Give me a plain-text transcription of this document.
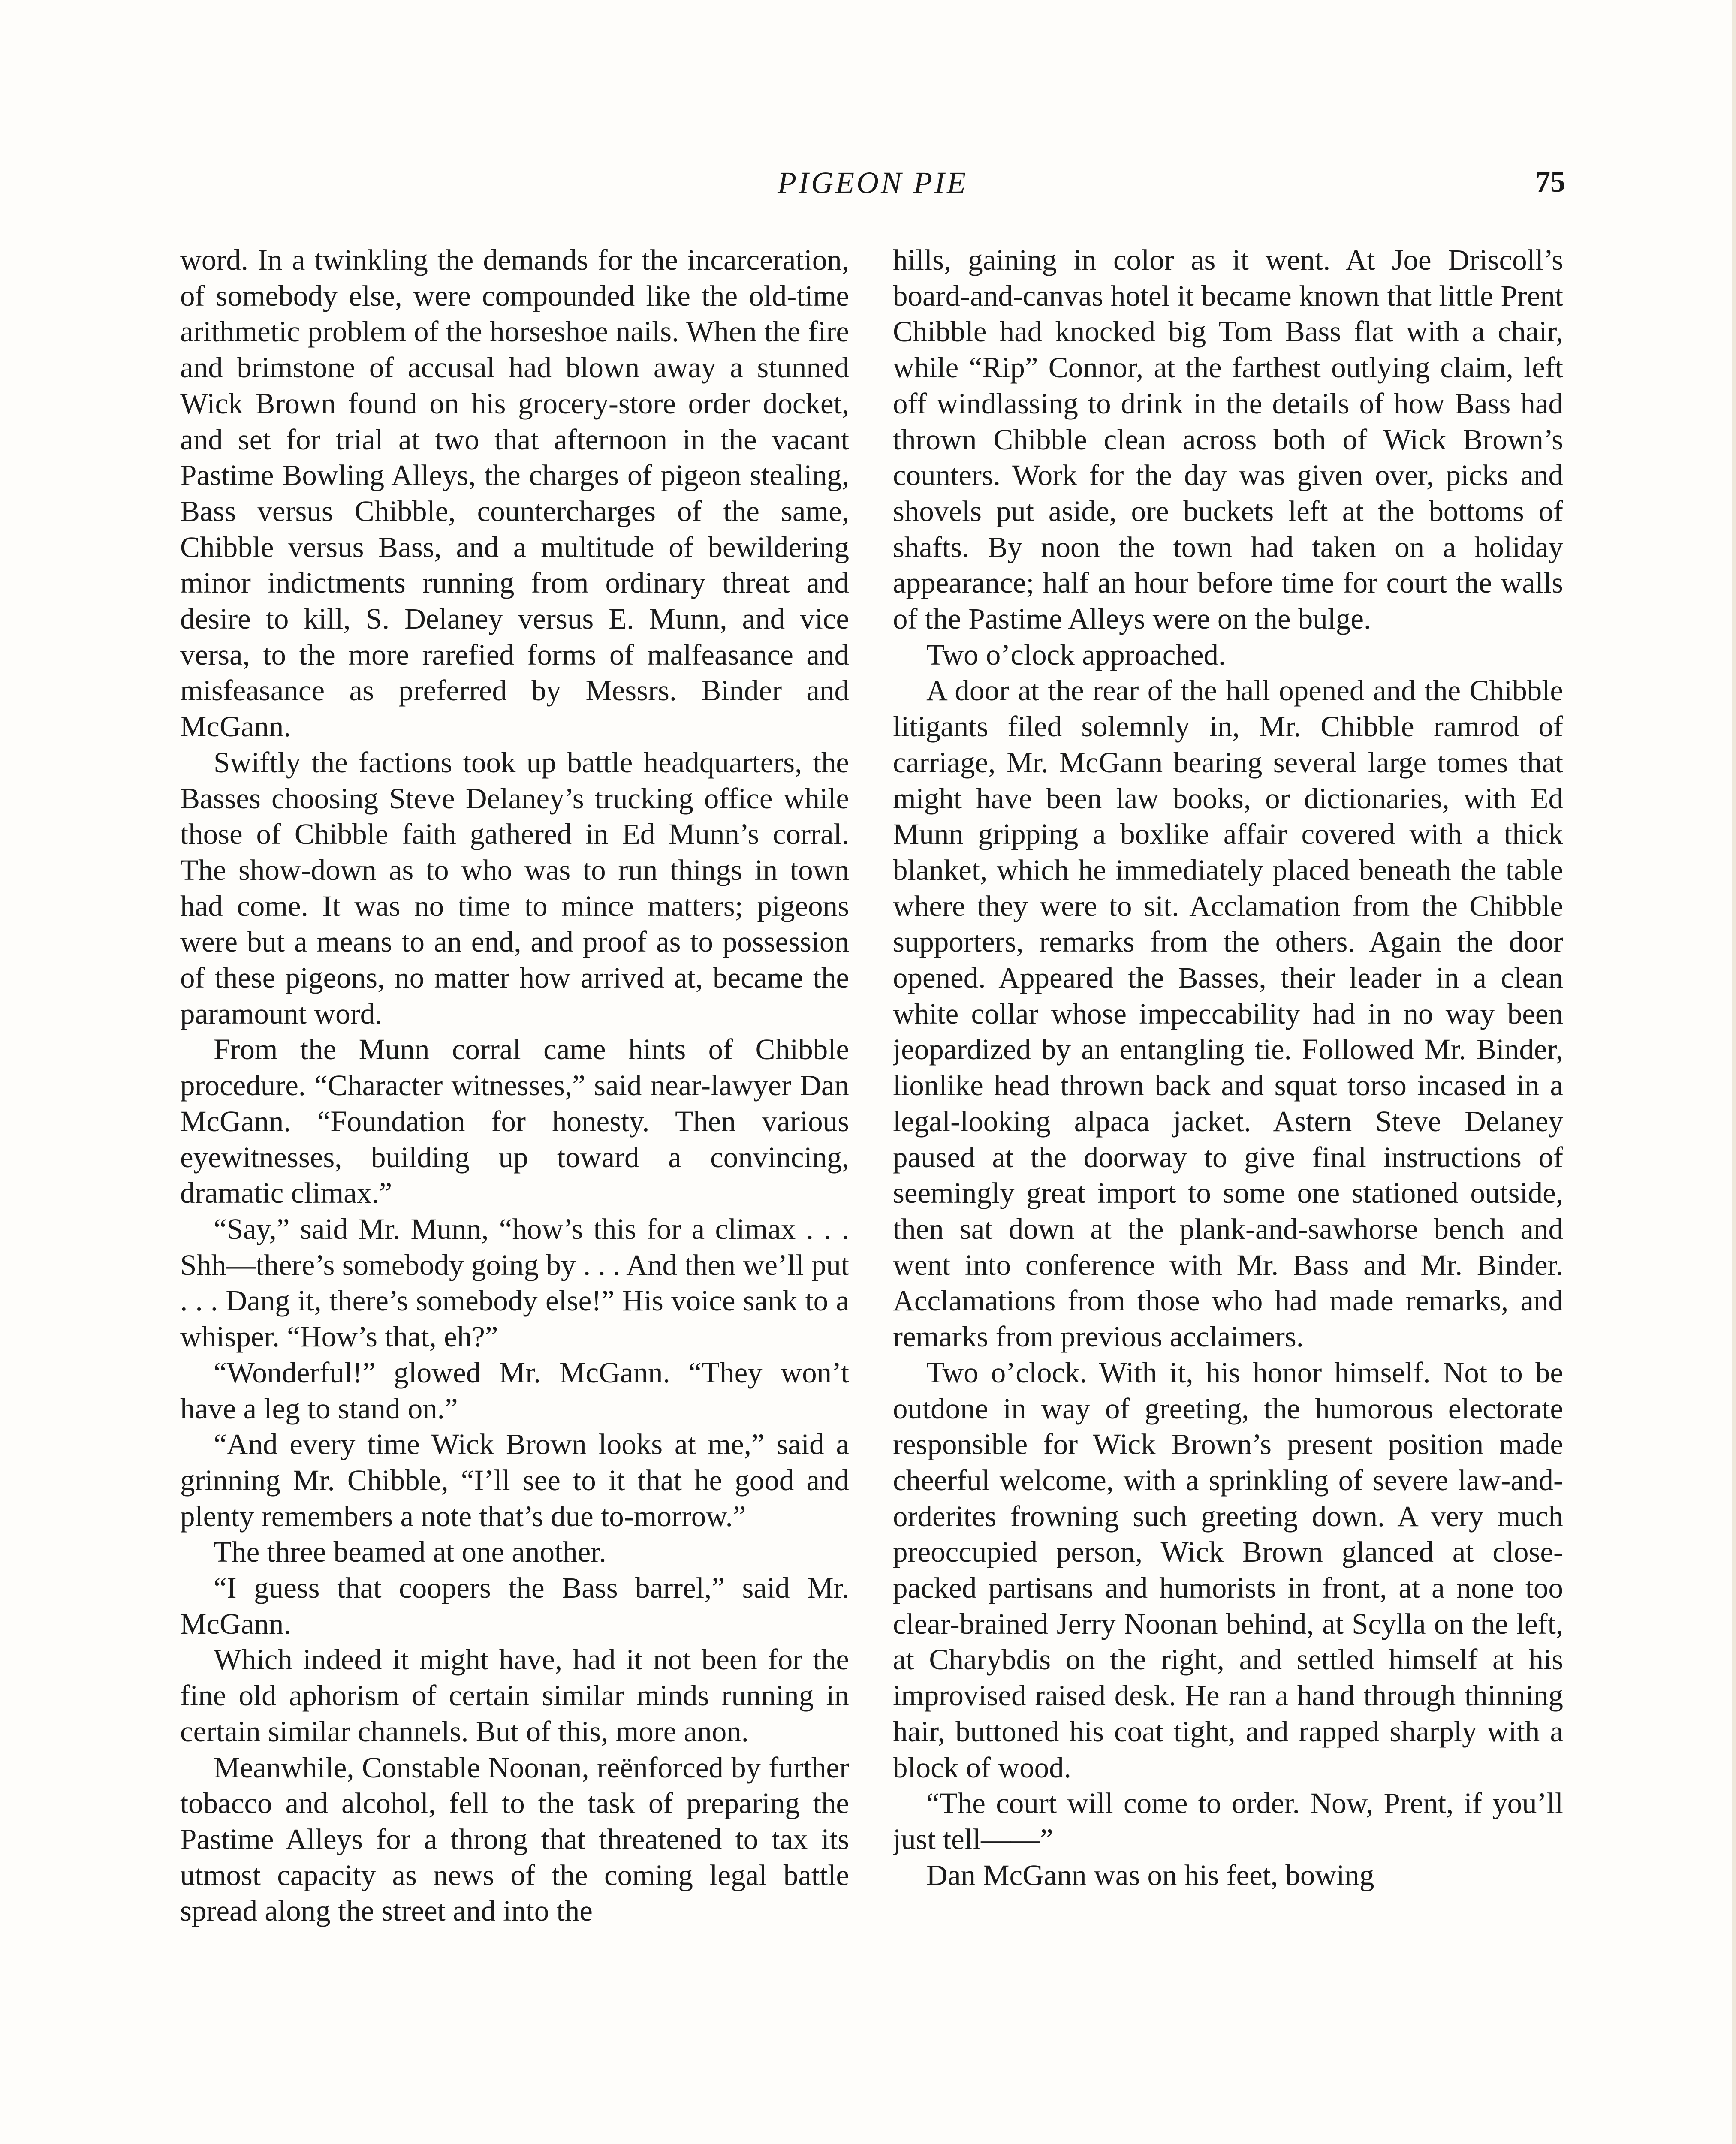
PIGEON PIE	75

word. In a twinkling the demands for the incarceration, of somebody else, were compounded like the old-time arithmetic problem of the horseshoe nails. When the fire and brimstone of accusal had blown away a stunned Wick Brown found on his grocery-store order docket, and set for trial at two that afternoon in the vacant Pastime Bowling Alleys, the charges of pigeon stealing, Bass versus Chibble, countercharges of the same, Chibble versus Bass, and a multitude of bewildering minor indictments running from ordinary threat and desire to kill, S. Delaney versus E. Munn, and vice versa, to the more rarefied forms of malfeasance and misfeasance as preferred by Messrs. Binder and McGann.

Swiftly the factions took up battle headquarters, the Basses choosing Steve Delaney’s trucking office while those of Chibble faith gathered in Ed Munn’s corral. The show-down as to who was to run things in town had come. It was no time to mince matters; pigeons were but a means to an end, and proof as to possession of these pigeons, no matter how arrived at, became the paramount word.

From the Munn corral came hints of Chibble procedure. “Character witnesses,” said near-lawyer Dan McGann. “Foundation for honesty. Then various eyewitnesses, building up toward a convincing, dramatic climax.”

“Say,” said Mr. Munn, “how’s this for a climax . . . Shh—there’s somebody going by . . . And then we’ll put . . . Dang it, there’s somebody else!” His voice sank to a whisper. “How’s that, eh?”

“Wonderful!” glowed Mr. McGann. “They won’t have a leg to stand on.”

“And every time Wick Brown looks at me,” said a grinning Mr. Chibble, “I’ll see to it that he good and plenty remembers a note that’s due to-morrow.”

The three beamed at one another.

“I guess that coopers the Bass barrel,” said Mr. McGann.

Which indeed it might have, had it not been for the fine old aphorism of certain similar minds running in certain similar channels. But of this, more anon.

Meanwhile, Constable Noonan, reënforced by further tobacco and alcohol, fell to the task of preparing the Pastime Alleys for a throng that threatened to tax its utmost capacity as news of the coming legal battle spread along the street and into the

hills, gaining in color as it went. At Joe Driscoll’s board-and-canvas hotel it became known that little Prent Chibble had knocked big Tom Bass flat with a chair, while “Rip” Connor, at the farthest outlying claim, left off windlassing to drink in the details of how Bass had thrown Chibble clean across both of Wick Brown’s counters. Work for the day was given over, picks and shovels put aside, ore buckets left at the bottoms of shafts. By noon the town had taken on a holiday appearance; half an hour before time for court the walls of the Pastime Alleys were on the bulge.

Two o’clock approached.

A door at the rear of the hall opened and the Chibble litigants filed solemnly in, Mr. Chibble ramrod of carriage, Mr. McGann bearing several large tomes that might have been law books, or dictionaries, with Ed Munn gripping a boxlike affair covered with a thick blanket, which he immediately placed beneath the table where they were to sit. Acclamation from the Chibble supporters, remarks from the others. Again the door opened. Appeared the Basses, their leader in a clean white collar whose impeccability had in no way been jeopardized by an entangling tie. Followed Mr. Binder, lionlike head thrown back and squat torso incased in a legal-looking alpaca jacket. Astern Steve Delaney paused at the doorway to give final instructions of seemingly great import to some one stationed outside, then sat down at the plank-and-sawhorse bench and went into conference with Mr. Bass and Mr. Binder. Acclamations from those who had made remarks, and remarks from previous acclaimers.

Two o’clock. With it, his honor himself. Not to be outdone in way of greeting, the humorous electorate responsible for Wick Brown’s present position made cheerful welcome, with a sprinkling of severe law-and-orderites frowning such greeting down. A very much preoccupied person, Wick Brown glanced at close-packed partisans and humorists in front, at a none too clear-brained Jerry Noonan behind, at Scylla on the left, at Charybdis on the right, and settled himself at his improvised raised desk. He ran a hand through thinning hair, buttoned his coat tight, and rapped sharply with a block of wood.

“The court will come to order. Now, Prent, if you’ll just tell——”

Dan McGann was on his feet, bowing
